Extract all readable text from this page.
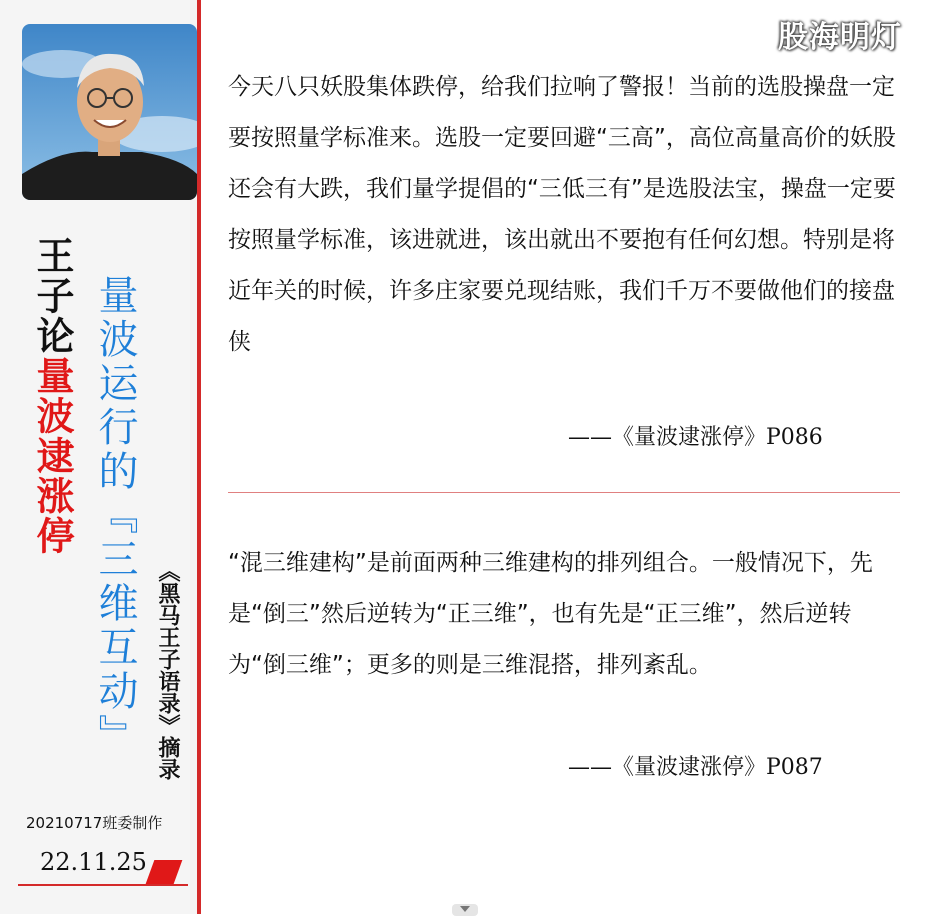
王子论量波逮涨停 量波运行的『三维互动』 《黑马王子语录》摘录
20210717班委制作
22.11.25
股海明灯
今天八只妖股集体跌停，给我们拉响了警报！当前的选股操盘一定要按照量学标准来。选股一定要回避“三高”，高位高量高价的妖股还会有大跌，我们量学提倡的“三低三有”是选股法宝，操盘一定要按照量学标准，该进就进，该出就出不要抱有任何幻想。特别是将近年关的时候，许多庄家要兑现结账，我们千万不要做他们的接盘侠
——《量波逮涨停》P086
“混三维建构”是前面两种三维建构的排列组合。一般情况下，先是“倒三”然后逆转为“正三维”，也有先是“正三维”，然后逆转为“倒三维”；更多的则是三维混搭，排列紊乱。
——《量波逮涨停》P087
